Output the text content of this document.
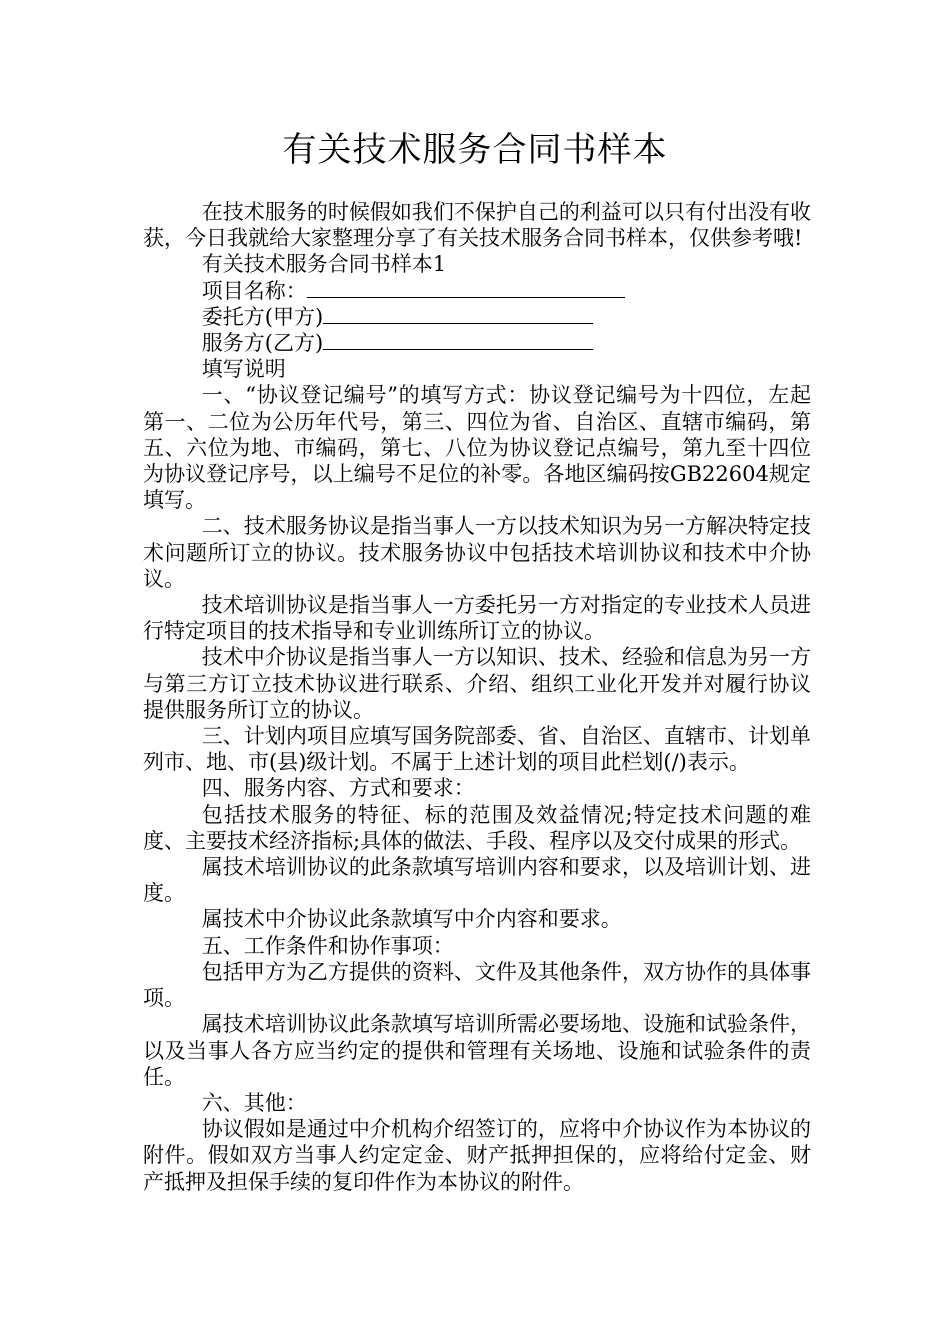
有关技术服务合同书样本

在技术服务的时候假如我们不保护自己的利益可以只有付出没有收获，今日我就给大家整理分享了有关技术服务合同书样本，仅供参考哦!

有关技术服务合同书样本1

项目名称：

委托方(甲方)

服务方(乙方)

填写说明

一、“协议登记编号”的填写方式：协议登记编号为十四位，左起第一、二位为公历年代号，第三、四位为省、自治区、直辖市编码，第五、六位为地、市编码，第七、八位为协议登记点编号，第九至十四位为协议登记序号，以上编号不足位的补零。各地区编码按GB22604规定填写。

二、技术服务协议是指当事人一方以技术知识为另一方解决特定技术问题所订立的协议。技术服务协议中包括技术培训协议和技术中介协议。

技术培训协议是指当事人一方委托另一方对指定的专业技术人员进行特定项目的技术指导和专业训练所订立的协议。

技术中介协议是指当事人一方以知识、技术、经验和信息为另一方与第三方订立技术协议进行联系、介绍、组织工业化开发并对履行协议提供服务所订立的协议。

三、计划内项目应填写国务院部委、省、自治区、直辖市、计划单列市、地、市(县)级计划。不属于上述计划的项目此栏划(/)表示。

四、服务内容、方式和要求：

包括技术服务的特征、标的范围及效益情况;特定技术问题的难度、主要技术经济指标;具体的做法、手段、程序以及交付成果的形式。

属技术培训协议的此条款填写培训内容和要求，以及培训计划、进度。

属技术中介协议此条款填写中介内容和要求。

五、工作条件和协作事项：

包括甲方为乙方提供的资料、文件及其他条件，双方协作的具体事项。

属技术培训协议此条款填写培训所需必要场地、设施和试验条件，以及当事人各方应当约定的提供和管理有关场地、设施和试验条件的责任。

六、其他：

协议假如是通过中介机构介绍签订的，应将中介协议作为本协议的附件。假如双方当事人约定定金、财产抵押担保的，应将给付定金、财产抵押及担保手续的复印件作为本协议的附件。
